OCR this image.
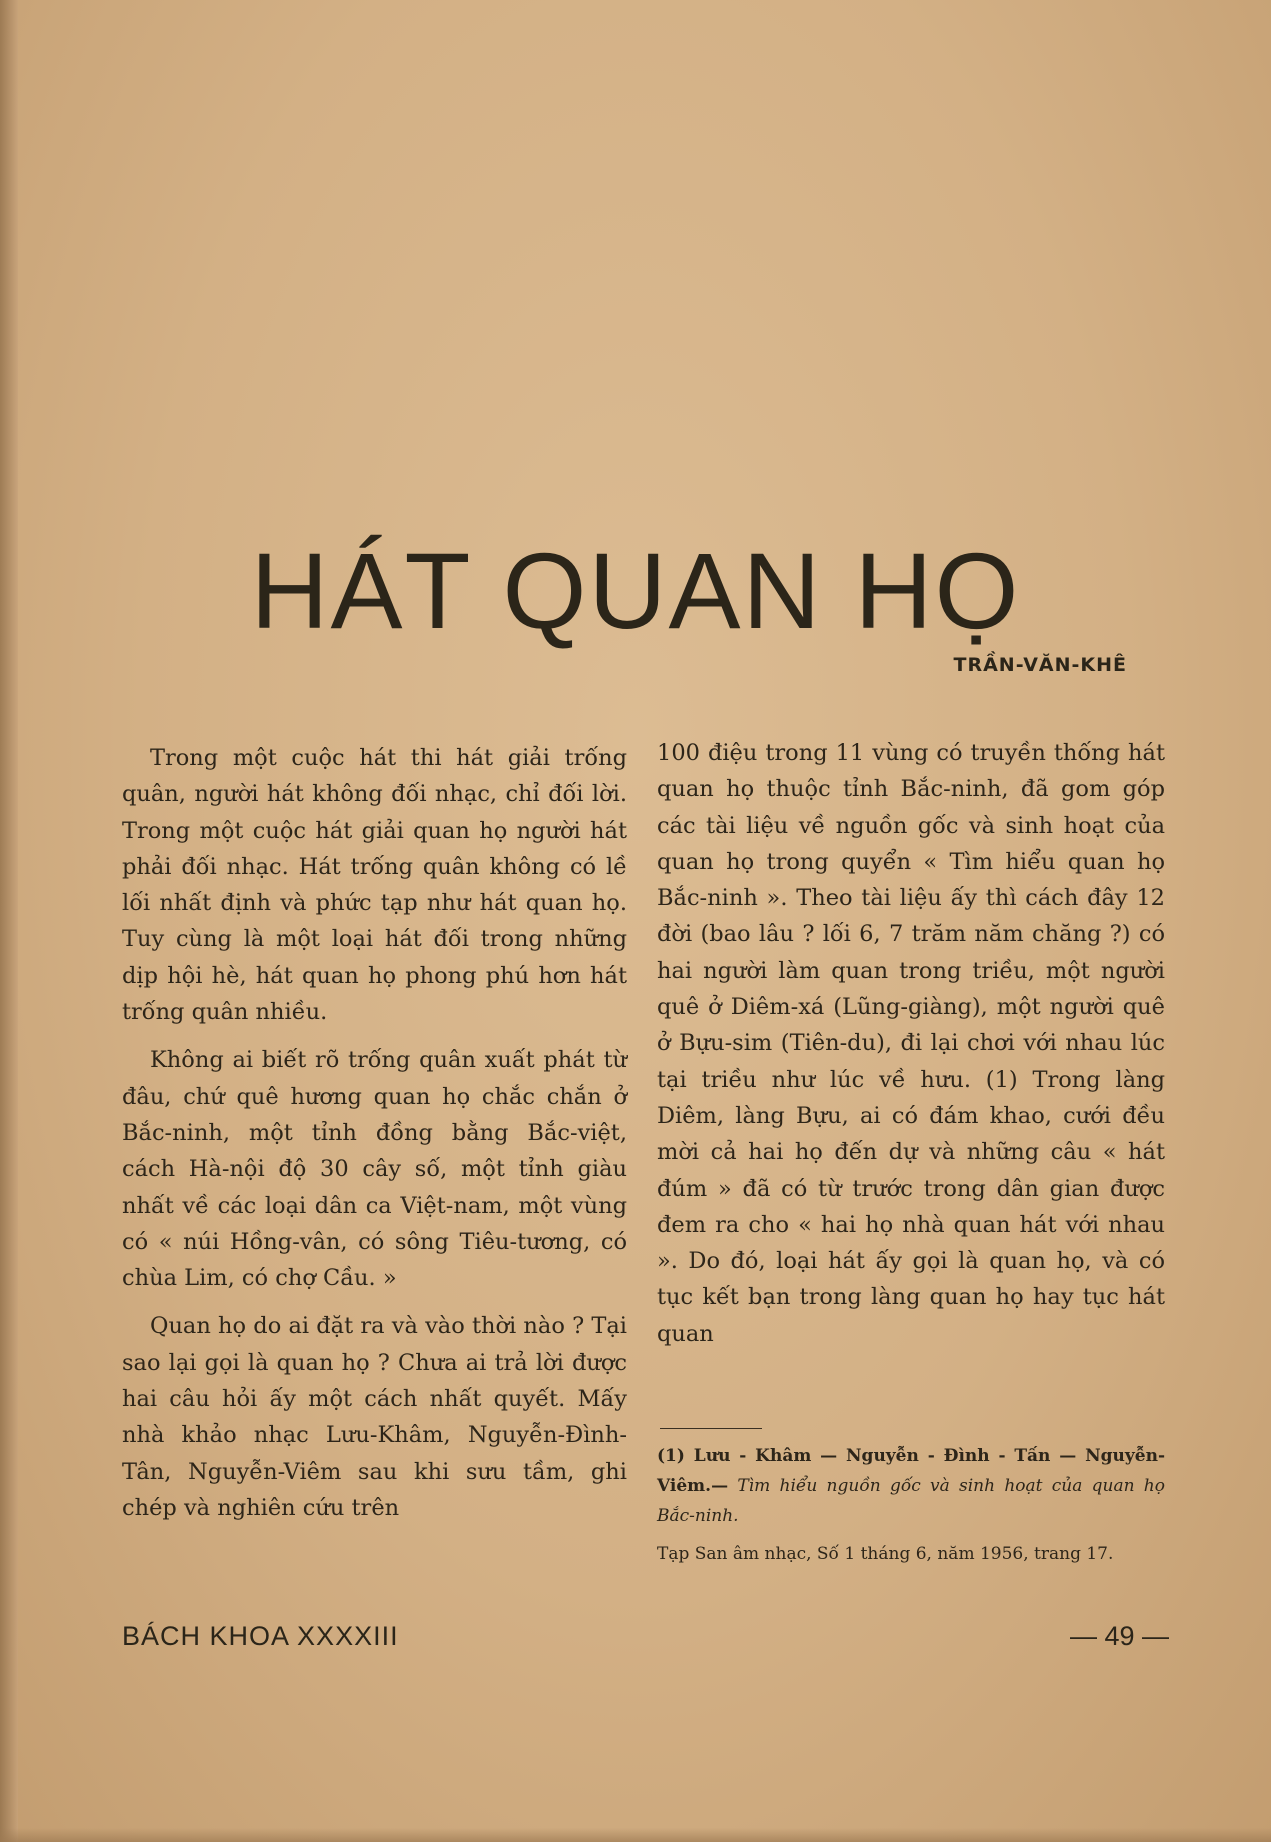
HÁT QUAN HỌ
TRẦN-VĂN-KHÊ

Trong một cuộc hát thi hát giải trống quân, người hát không đối nhạc, chỉ đối lời. Trong một cuộc hát giải quan họ người hát phải đối nhạc. Hát trống quân không có lề lối nhất định và phức tạp như hát quan họ. Tuy cùng là một loại hát đối trong những dịp hội hè, hát quan họ phong phú hơn hát trống quân nhiều.

Không ai biết rõ trống quân xuất phát từ đâu, chứ quê hương quan họ chắc chắn ở Bắc-ninh, một tỉnh đồng bằng Bắc-việt, cách Hà-nội độ 30 cây số, một tỉnh giàu nhất về các loại dân ca Việt-nam, một vùng có « núi Hồng-vân, có sông Tiêu-tương, có chùa Lim, có chợ Cầu. »

Quan họ do ai đặt ra và vào thời nào ? Tại sao lại gọi là quan họ ? Chưa ai trả lời được hai câu hỏi ấy một cách nhất quyết. Mấy nhà khảo nhạc Lưu-Khâm, Nguyễn-Đình-Tân, Nguyễn-Viêm sau khi sưu tầm, ghi chép và nghiên cứu trên

100 điệu trong 11 vùng có truyền thống hát quan họ thuộc tỉnh Bắc-ninh, đã gom góp các tài liệu về nguồn gốc và sinh hoạt của quan họ trong quyển « Tìm hiểu quan họ Bắc-ninh ». Theo tài liệu ấy thì cách đây 12 đời (bao lâu ? lối 6, 7 trăm năm chăng ?) có hai người làm quan trong triều, một người quê ở Diêm-xá (Lũng-giàng), một người quê ở Bựu-sim (Tiên-du), đi lại chơi với nhau lúc tại triều như lúc về hưu. (1) Trong làng Diêm, làng Bựu, ai có đám khao, cưới đều mời cả hai họ đến dự và những câu « hát đúm » đã có từ trước trong dân gian được đem ra cho « hai họ nhà quan hát với nhau ». Do đó, loại hát ấy gọi là quan họ, và có tục kết bạn trong làng quan họ hay tục hát quan

(1) Lưu - Khâm — Nguyễn - Đình - Tấn — Nguyễn-Viêm.— Tìm hiểu nguồn gốc và sinh hoạt của quan họ Bắc-ninh.

Tạp San âm nhạc, Số 1 tháng 6, năm 1956, trang 17.

BÁCH KHOA XXXXIII	— 49 —
